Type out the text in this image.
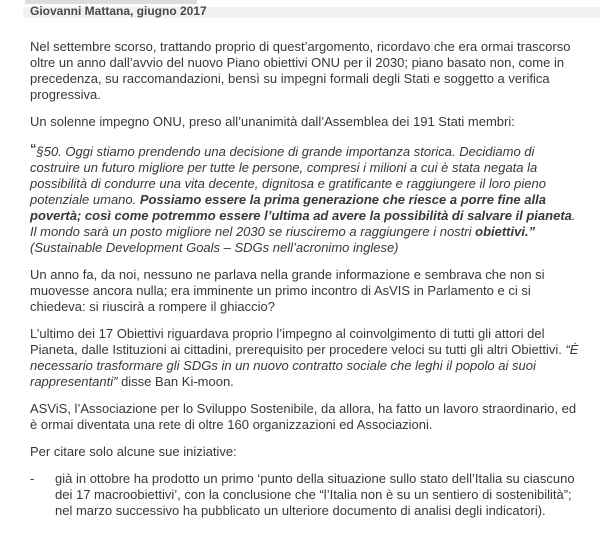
Giovanni Mattana, giugno 2017

Nel settembre scorso, trattando proprio di quest’argomento, ricordavo che era ormai trascorso oltre un anno dall’avvio del nuovo Piano obiettivi ONU per il 2030; piano basato non, come in precedenza, su raccomandazioni, bensì su impegni formali degli Stati e soggetto a verifica progressiva.

Un solenne impegno ONU, preso all’unanimità dall’Assemblea dei 191 Stati membri:

“§50. Oggi stiamo prendendo una decisione di grande importanza storica. Decidiamo di costruire un futuro migliore per tutte le persone, compresi i milioni a cui è stata negata la possibilità di condurre una vita decente, dignitosa e gratificante e raggiungere il loro pieno potenziale umano. Possiamo essere la prima generazione che riesce a porre fine alla povertà; così come potremmo essere l’ultima ad avere la possibilità di salvare il pianeta. Il mondo sarà un posto migliore nel 2030 se riusciremo a raggiungere i nostri obiettivi.” (Sustainable Development Goals – SDGs nell’acronimo inglese)

Un anno fa, da noi, nessuno ne parlava nella grande informazione e sembrava che non si muovesse ancora nulla; era imminente un primo incontro di AsVIS in Parlamento e ci si chiedeva: si riuscirà a rompere il ghiaccio?

L’ultimo dei 17 Obiettivi riguardava proprio l’impegno al coinvolgimento di tutti gli attori del Pianeta, dalle Istituzioni ai cittadini, prerequisito per procedere veloci su tutti gli altri Obiettivi. “È necessario trasformare gli SDGs in un nuovo contratto sociale che leghi il popolo ai suoi rappresentanti” disse Ban Ki-moon.

ASViS, l’Associazione per lo Sviluppo Sostenibile, da allora, ha fatto un lavoro straordinario, ed è ormai diventata una rete di oltre 160 organizzazioni ed Associazioni.

Per citare solo alcune sue iniziative:

-	già in ottobre ha prodotto un primo ‘punto della situazione sullo stato dell’Italia su ciascuno dei 17 macroobiettivi’, con la conclusione che “l’Italia non è su un sentiero di sostenibilità”; nel marzo successivo ha pubblicato un ulteriore documento di analisi degli indicatori).
